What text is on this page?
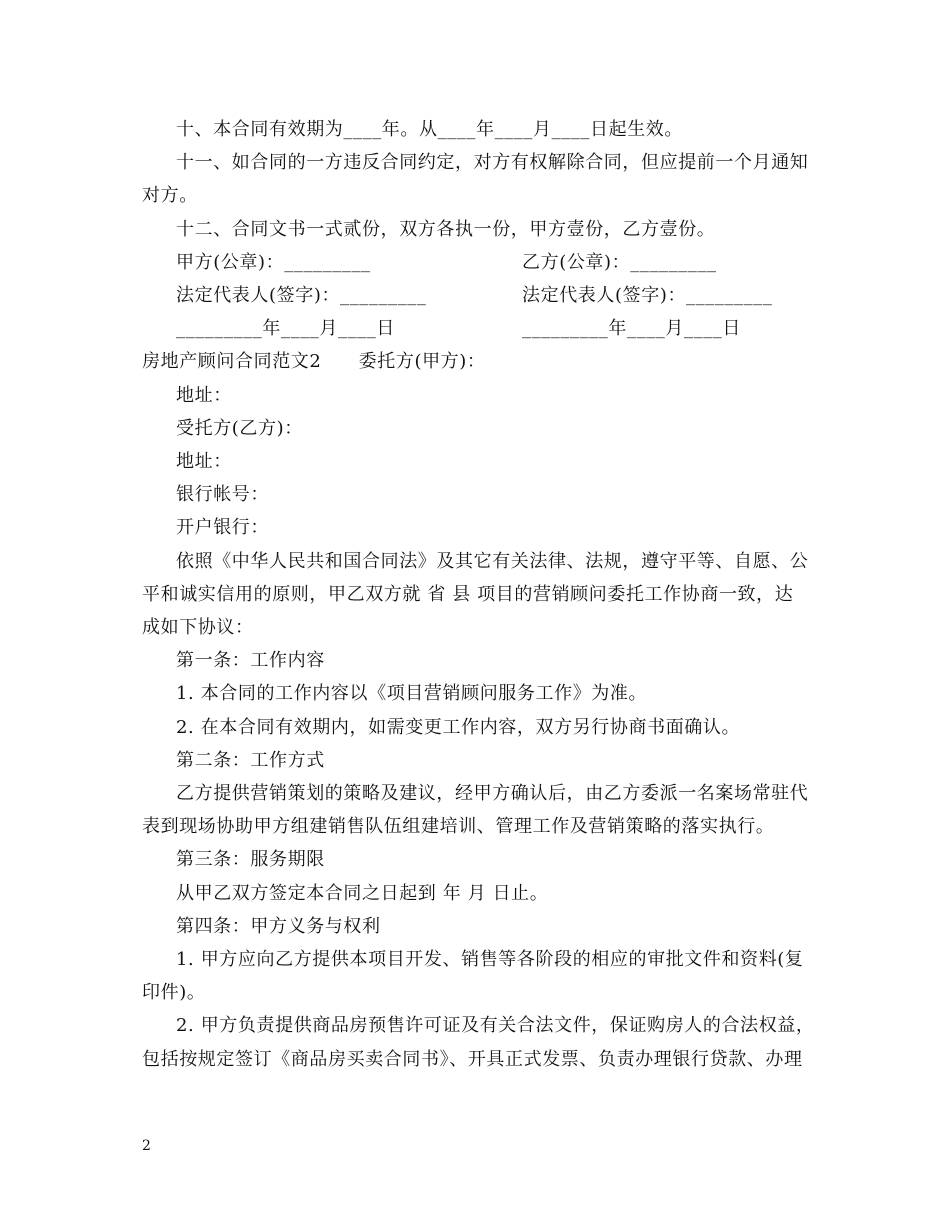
十、本合同有效期为____年。从____年____月____日起生效。
十一、如合同的一方违反合同约定，对方有权解除合同，但应提前一个月通知
对方。
十二、合同文书一式贰份，双方各执一份，甲方壹份，乙方壹份。
甲方(公章)：_________
法定代表人(签字)：_________
_________年____月____日
房地产顾问合同范文2　　委托方(甲方)：
地址：
受托方(乙方)：
地址：
银行帐号：
开户银行：
依照《中华人民共和国合同法》及其它有关法律、法规，遵守平等、自愿、公
平和诚实信用的原则，甲乙双方就 省 县 项目的营销顾问委托工作协商一致，达
成如下协议：
第一条：工作内容
1. 本合同的工作内容以《项目营销顾问服务工作》为准。
2. 在本合同有效期内，如需变更工作内容，双方另行协商书面确认。
第二条：工作方式
乙方提供营销策划的策略及建议，经甲方确认后，由乙方委派一名案场常驻代
表到现场协助甲方组建销售队伍组建培训、管理工作及营销策略的落实执行。
第三条：服务期限
从甲乙双方签定本合同之日起到 年 月 日止。
第四条：甲方义务与权利
1. 甲方应向乙方提供本项目开发、销售等各阶段的相应的审批文件和资料(复
印件)。
2. 甲方负责提供商品房预售许可证及有关合法文件，保证购房人的合法权益，
包括按规定签订《商品房买卖合同书》、开具正式发票、负责办理银行贷款、办理
乙方(公章)：_________
法定代表人(签字)：_________
_________年____月____日
2
